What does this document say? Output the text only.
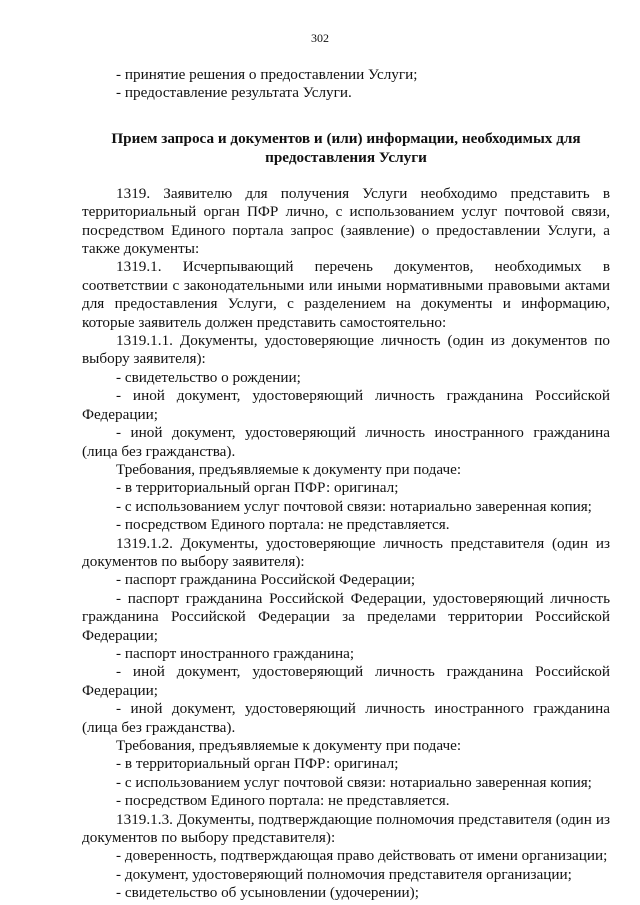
302

- принятие решения о предоставлении Услуги;

- предоставление результата Услуги.

Прием запроса и документов и (или) информации, необходимых для предоставления Услуги

1319. Заявителю для получения Услуги необходимо представить в территориальный орган ПФР лично, с использованием услуг почтовой связи, посредством Единого портала запрос (заявление) о предоставлении Услуги, а также документы:

1319.1. Исчерпывающий перечень документов, необходимых в соответствии с законодательными или иными нормативными правовыми актами для предоставления Услуги, с разделением на документы и информацию, которые заявитель должен представить самостоятельно:

1319.1.1. Документы, удостоверяющие личность (один из документов по выбору заявителя):

- свидетельство о рождении;

- иной документ, удостоверяющий личность гражданина Российской Федерации;

- иной документ, удостоверяющий личность иностранного гражданина (лица без гражданства).

Требования, предъявляемые к документу при подаче:

- в территориальный орган ПФР: оригинал;

- с использованием услуг почтовой связи: нотариально заверенная копия;

- посредством Единого портала: не представляется.

1319.1.2. Документы, удостоверяющие личность представителя (один из документов по выбору заявителя):

- паспорт гражданина Российской Федерации;

- паспорт гражданина Российской Федерации, удостоверяющий личность гражданина Российской Федерации за пределами территории Российской Федерации;

- паспорт иностранного гражданина;

- иной документ, удостоверяющий личность гражданина Российской Федерации;

- иной документ, удостоверяющий личность иностранного гражданина (лица без гражданства).

Требования, предъявляемые к документу при подаче:

- в территориальный орган ПФР: оригинал;

- с использованием услуг почтовой связи: нотариально заверенная копия;

- посредством Единого портала: не представляется.

1319.1.3. Документы, подтверждающие полномочия представителя (один из документов по выбору представителя):

- доверенность, подтверждающая право действовать от имени организации;

- документ, удостоверяющий полномочия представителя организации;

- свидетельство об усыновлении (удочерении);
